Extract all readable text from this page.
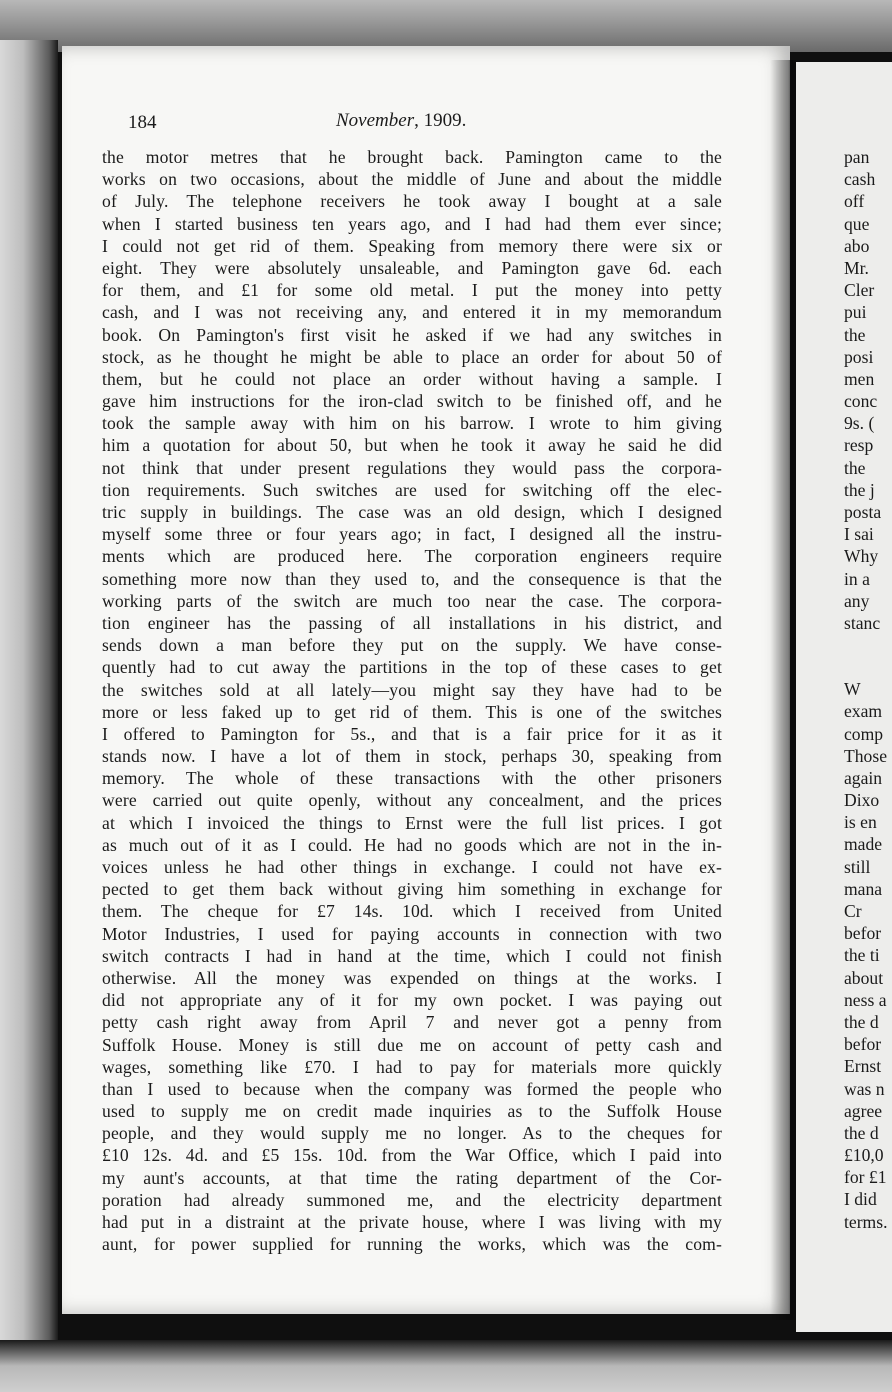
184	November, 1909.
the motor metres that he brought back. Pamington came to the
works on two occasions, about the middle of June and about the middle
of July. The telephone receivers he took away I bought at a sale
when I started business ten years ago, and I had had them ever since;
I could not get rid of them. Speaking from memory there were six or
eight. They were absolutely unsaleable, and Pamington gave 6d. each
for them, and £1 for some old metal. I put the money into petty
cash, and I was not receiving any, and entered it in my memorandum
book. On Pamington's first visit he asked if we had any switches in
stock, as he thought he might be able to place an order for about 50 of
them, but he could not place an order without having a sample. I
gave him instructions for the iron-clad switch to be finished off, and he
took the sample away with him on his barrow. I wrote to him giving
him a quotation for about 50, but when he took it away he said he did
not think that under present regulations they would pass the corpora-
tion requirements. Such switches are used for switching off the elec-
tric supply in buildings. The case was an old design, which I designed
myself some three or four years ago; in fact, I designed all the instru-
ments which are produced here. The corporation engineers require
something more now than they used to, and the consequence is that the
working parts of the switch are much too near the case. The corpora-
tion engineer has the passing of all installations in his district, and
sends down a man before they put on the supply. We have conse-
quently had to cut away the partitions in the top of these cases to get
the switches sold at all lately—you might say they have had to be
more or less faked up to get rid of them. This is one of the switches
I offered to Pamington for 5s., and that is a fair price for it as it
stands now. I have a lot of them in stock, perhaps 30, speaking from
memory. The whole of these transactions with the other prisoners
were carried out quite openly, without any concealment, and the prices
at which I invoiced the things to Ernst were the full list prices. I got
as much out of it as I could. He had no goods which are not in the in-
voices unless he had other things in exchange. I could not have ex-
pected to get them back without giving him something in exchange for
them. The cheque for £7 14s. 10d. which I received from United
Motor Industries, I used for paying accounts in connection with two
switch contracts I had in hand at the time, which I could not finish
otherwise. All the money was expended on things at the works. I
did not appropriate any of it for my own pocket. I was paying out
petty cash right away from April 7 and never got a penny from
Suffolk House. Money is still due me on account of petty cash and
wages, something like £70. I had to pay for materials more quickly
than I used to because when the company was formed the people who
used to supply me on credit made inquiries as to the Suffolk House
people, and they would supply me no longer. As to the cheques for
£10 12s. 4d. and £5 15s. 10d. from the War Office, which I paid into
my aunt's accounts, at that time the rating department of the Cor-
poration had already summoned me, and the electricity department
had put in a distraint at the private house, where I was living with my
aunt, for power supplied for running the works, which was the com-
pan
cash
off
que
abo
Mr.
Cler
pui
the
posi
men
conc
9s. (
resp
the
the j
posta
I sai
Why
in a
any
stanc
W
exam
comp
Those
again
Dixo
is en
made
still
mana
Cr
befor
the ti
about
ness a
the d
befor
Ernst
was n
agree
the d
£10,0
for £1
I did
terms.
